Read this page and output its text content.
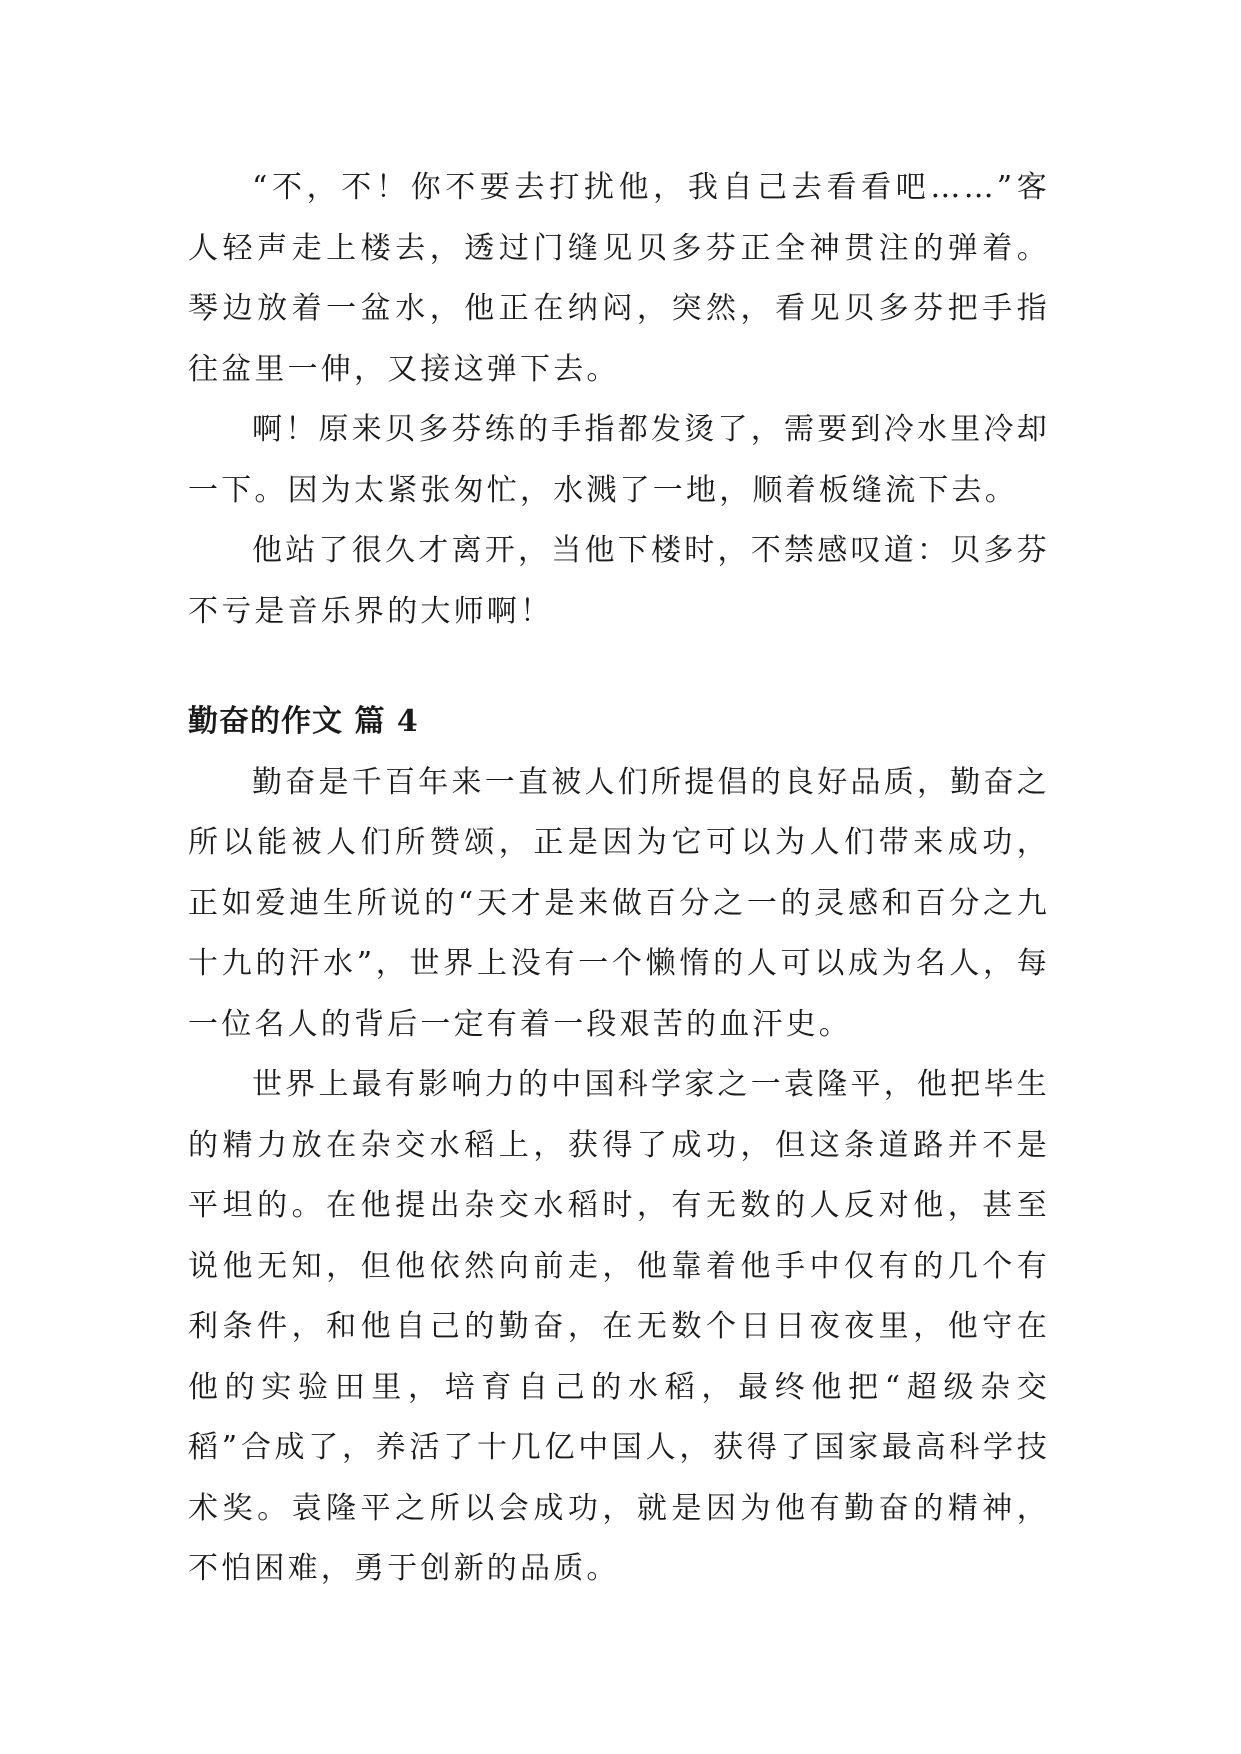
“不，不！你不要去打扰他，我自己去看看吧……”客人轻声走上楼去，透过门缝见贝多芬正全神贯注的弹着。琴边放着一盆水，他正在纳闷，突然，看见贝多芬把手指往盆里一伸，又接这弹下去。

啊！原来贝多芬练的手指都发烫了，需要到冷水里冷却一下。因为太紧张匆忙，水溅了一地，顺着板缝流下去。

他站了很久才离开，当他下楼时，不禁感叹道：贝多芬不亏是音乐界的大师啊！

勤奋的作文 篇 4

勤奋是千百年来一直被人们所提倡的良好品质，勤奋之所以能被人们所赞颂，正是因为它可以为人们带来成功，正如爱迪生所说的“天才是来做百分之一的灵感和百分之九十九的汗水”，世界上没有一个懒惰的人可以成为名人，每一位名人的背后一定有着一段艰苦的血汗史。

世界上最有影响力的中国科学家之一袁隆平，他把毕生的精力放在杂交水稻上，获得了成功，但这条道路并不是平坦的。在他提出杂交水稻时，有无数的人反对他，甚至说他无知，但他依然向前走，他靠着他手中仅有的几个有利条件，和他自己的勤奋，在无数个日日夜夜里，他守在他的实验田里，培育自己的水稻，最终他把“超级杂交稻”合成了，养活了十几亿中国人，获得了国家最高科学技术奖。袁隆平之所以会成功，就是因为他有勤奋的精神，不怕困难，勇于创新的品质。
